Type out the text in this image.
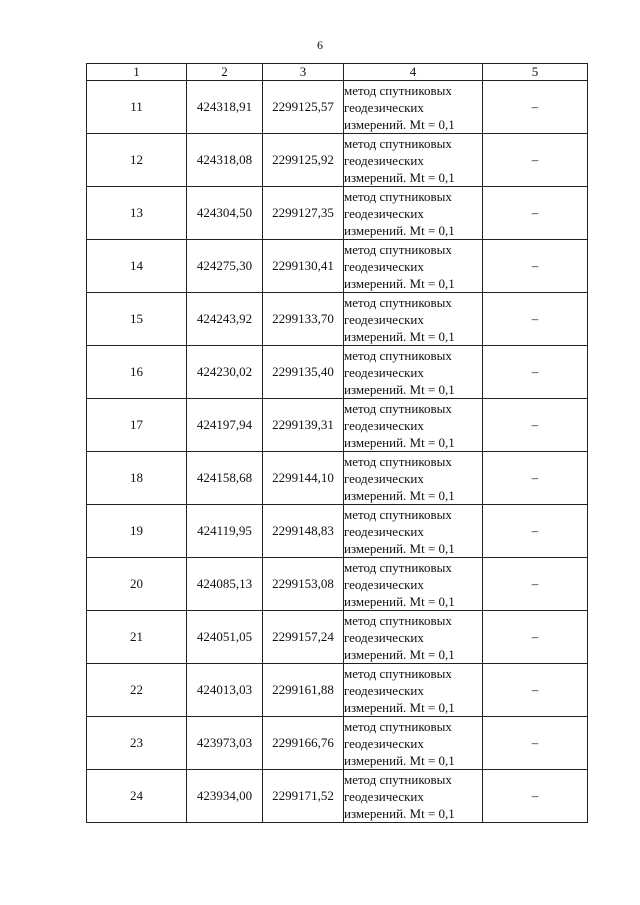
6
1	2	3	4	5
11	424318,91	2299125,57	метод спутниковых
геодезических
измерений. Mt = 0,1	–
12	424318,08	2299125,92	метод спутниковых
геодезических
измерений. Mt = 0,1	–
13	424304,50	2299127,35	метод спутниковых
геодезических
измерений. Mt = 0,1	–
14	424275,30	2299130,41	метод спутниковых
геодезических
измерений. Mt = 0,1	–
15	424243,92	2299133,70	метод спутниковых
геодезических
измерений. Mt = 0,1	–
16	424230,02	2299135,40	метод спутниковых
геодезических
измерений. Mt = 0,1	–
17	424197,94	2299139,31	метод спутниковых
геодезических
измерений. Mt = 0,1	–
18	424158,68	2299144,10	метод спутниковых
геодезических
измерений. Mt = 0,1	–
19	424119,95	2299148,83	метод спутниковых
геодезических
измерений. Mt = 0,1	–
20	424085,13	2299153,08	метод спутниковых
геодезических
измерений. Mt = 0,1	–
21	424051,05	2299157,24	метод спутниковых
геодезических
измерений. Mt = 0,1	–
22	424013,03	2299161,88	метод спутниковых
геодезических
измерений. Mt = 0,1	–
23	423973,03	2299166,76	метод спутниковых
геодезических
измерений. Mt = 0,1	–
24	423934,00	2299171,52	метод спутниковых
геодезических
измерений. Mt = 0,1	–
